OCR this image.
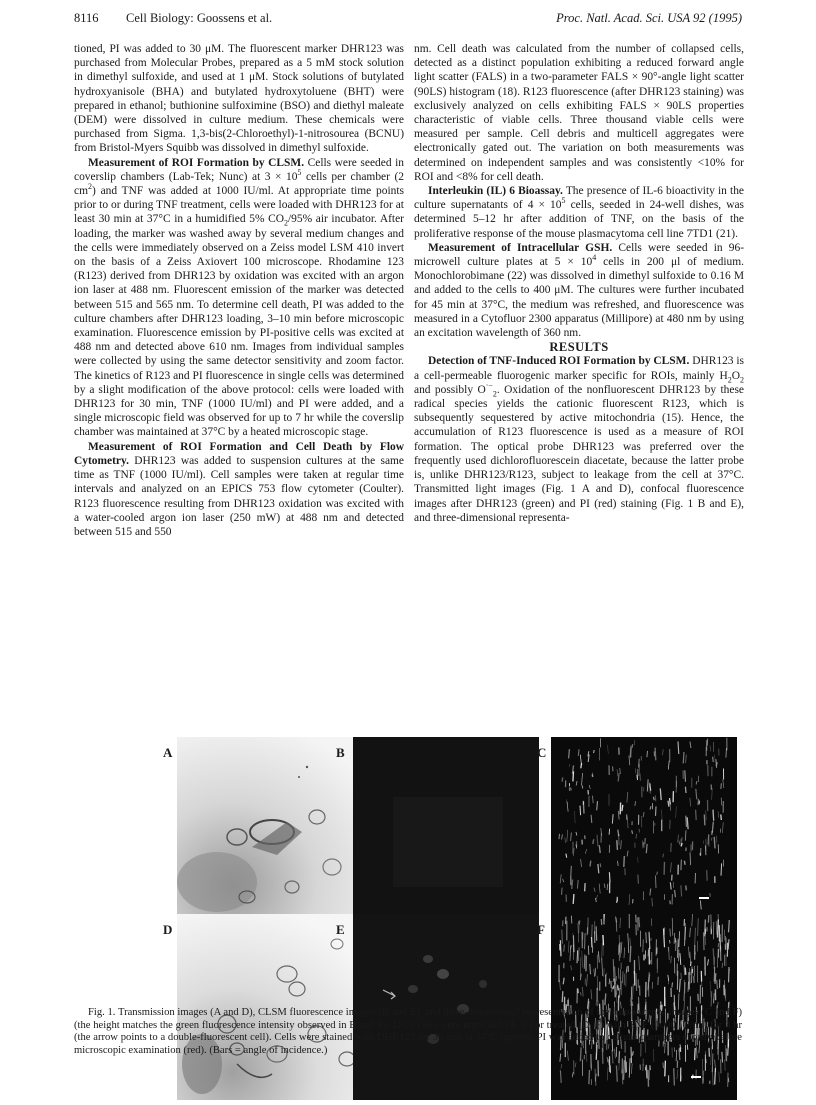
8116 Cell Biology: Goossens et al.	Proc. Natl. Acad. Sci. USA 92 (1995)

tioned, PI was added to 30 μM. The fluorescent marker DHR123 was purchased from Molecular Probes, prepared as a 5 mM stock solution in dimethyl sulfoxide, and used at 1 μM. Stock solutions of butylated hydroxyanisole (BHA) and butylated hydroxytoluene (BHT) were prepared in ethanol; buthionine sulfoximine (BSO) and diethyl maleate (DEM) were dissolved in culture medium. These chemicals were purchased from Sigma. 1,3-bis(2-Chloroethyl)-1-nitrosourea (BCNU) from Bristol-Myers Squibb was dissolved in dimethyl sulfoxide.

Measurement of ROI Formation by CLSM. Cells were seeded in coverslip chambers (Lab-Tek; Nunc) at $3 \times 10^5$ cells per chamber (2 $cm^2$) and TNF was added at 1000 IU/ml. At appropriate time points prior to or during TNF treatment, cells were loaded with DHR123 for at least 30 min at 37°C in a humidified 5% $CO_2/95\%$ air incubator. After loading, the marker was washed away by several medium changes and the cells were immediately observed on a Zeiss model LSM 410 invert on the basis of a Zeiss Axiovert 100 microscope. Rhodamine 123 (R123) derived from DHR123 by oxidation was excited with an argon ion laser at 488 nm. Fluorescent emission of the marker was detected between 515 and 565 nm. To determine cell death, PI was added to the culture chambers after DHR123 loading, 3–10 min before microscopic examination. Fluorescence emission by PI-positive cells was excited at 488 nm and detected above 610 nm. Images from individual samples were collected by using the same detector sensitivity and zoom factor. The kinetics of R123 and PI fluorescence in single cells was determined by a slight modification of the above protocol: cells were loaded with DHR123 for 30 min, TNF (1000 IU/ml) and PI were added, and a single microscopic field was observed for up to 7 hr while the coverslip chamber was maintained at 37°C by a heated microscopic stage.

Measurement of ROI Formation and Cell Death by Flow Cytometry. DHR123 was added to suspension cultures at the same time as TNF (1000 IU/ml). Cell samples were taken at regular time intervals and analyzed on an EPICS 753 flow cytometer (Coulter). R123 fluorescence resulting from DHR123 oxidation was excited with a water-cooled argon ion laser (250 mW) at 488 nm and detected between 515 and 550

nm. Cell death was calculated from the number of collapsed cells, detected as a distinct population exhibiting a reduced forward angle light scatter (FALS) in a two-parameter FALS × 90°-angle light scatter (90LS) histogram (18). R123 fluorescence (after DHR123 staining) was exclusively analyzed on cells exhibiting FALS × 90LS properties characteristic of viable cells. Three thousand viable cells were measured per sample. Cell debris and multicell aggregates were electronically gated out. The variation on both measurements was determined on independent samples and was consistently <10% for ROI and <8% for cell death.

Interleukin (IL) 6 Bioassay. The presence of IL-6 bioactivity in the culture supernatants of $4 \times 10^5$ cells, seeded in 24-well dishes, was determined 5–12 hr after addition of TNF, on the basis of the proliferative response of the mouse plasmacytoma cell line 7TD1 (21).

Measurement of Intracellular GSH. Cells were seeded in 96-microwell culture plates at $5 \times 10^4$ cells in 200 μl of medium. Monochlorobimane (22) was dissolved in dimethyl sulfoxide to 0.16 M and added to the cells to 400 μM. The cultures were further incubated for 45 min at 37°C, the medium was refreshed, and fluorescence was measured in a Cytofluor 2300 apparatus (Millipore) at 480 nm by using an excitation wavelength of 360 nm.

RESULTS

Detection of TNF-Induced ROI Formation by CLSM. DHR123 is a cell-permeable fluorogenic marker specific for ROIs, mainly $H_2O_2$ and possibly $O^{\cdot-}_2$. Oxidation of the nonfluorescent DHR123 by these radical species yields the cationic fluorescent R123, which is subsequently sequestered by active mitochondria (15). Hence, the accumulation of R123 fluorescence is used as a measure of ROI formation. The optical probe DHR123 was preferred over the frequently used dichlorofluorescein diacetate, because the latter probe is, unlike DHR123/R123, subject to leakage from the cell at 37°C. Transmitted light images (Fig. 1 A and D), confocal fluorescence images after DHR123 (green) and PI (red) staining (Fig. 1 B and E), and three-dimensional representa-

A	B	C
D	E	F

Fig. 1. Transmission images (A and D), CLSM fluorescence images (B and E), and three-dimensional representation of the fluorescence images (C and F) (the height matches the green fluorescence intensity observed in B and E). L929 cells were untreated (A–C) or treated (D–F) with TNF (1000 IU/ml) for 3 hr (the arrow points to a double-fluorescent cell). Cells were stained with DHR123 for 30 min at 37°C (green). PI was added to culture chambers shortly before microscopic examination (red). (Bars = angle of incidence.)
